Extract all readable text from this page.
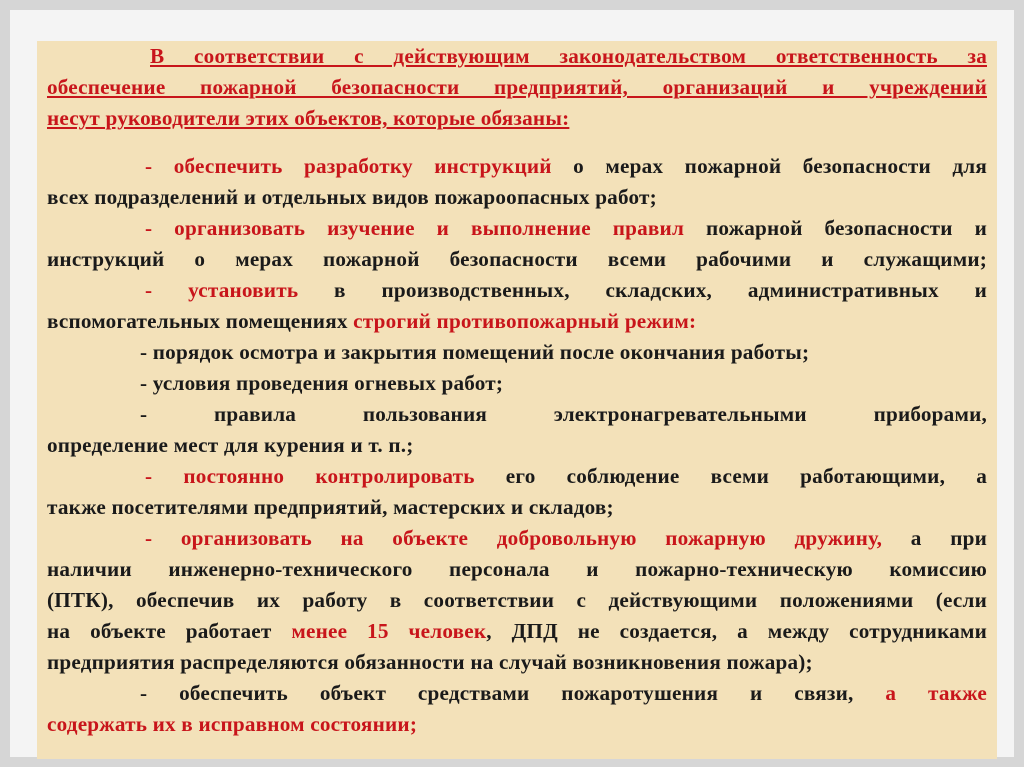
В соответствии с действующим законодательством ответственность за
обеспечение пожарной безопасности предприятий, организаций и учреждений
несут руководители этих объектов, которые обязаны:
- обеспечить разработку инструкций о мерах пожарной безопасности для
всех подразделений и отдельных видов пожароопасных работ;
- организовать изучение и выполнение правил пожарной безопасности и
инструкций о мерах пожарной безопасности всеми рабочими и служащими;
- установить в производственных, складских, административных и
вспомогательных помещениях строгий противопожарный режим:
- порядок осмотра и закрытия помещений после окончания работы;
- условия проведения огневых работ;
- правила пользования электронагревательными приборами,
определение мест для курения и т. п.;
- постоянно контролировать его соблюдение всеми работающими, а
также посетителями предприятий, мастерских и складов;
- организовать на объекте добровольную пожарную дружину, а при
наличии инженерно-технического персонала и пожарно-техническую комиссию
(ПТК), обеспечив их работу в соответствии с действующими положениями (если
на объекте работает менее 15 человек, ДПД не создается, а между сотрудниками
предприятия распределяются обязанности на случай возникновения пожара);
- обеспечить объект средствами пожаротушения и связи, а также
содержать их в исправном состоянии;
